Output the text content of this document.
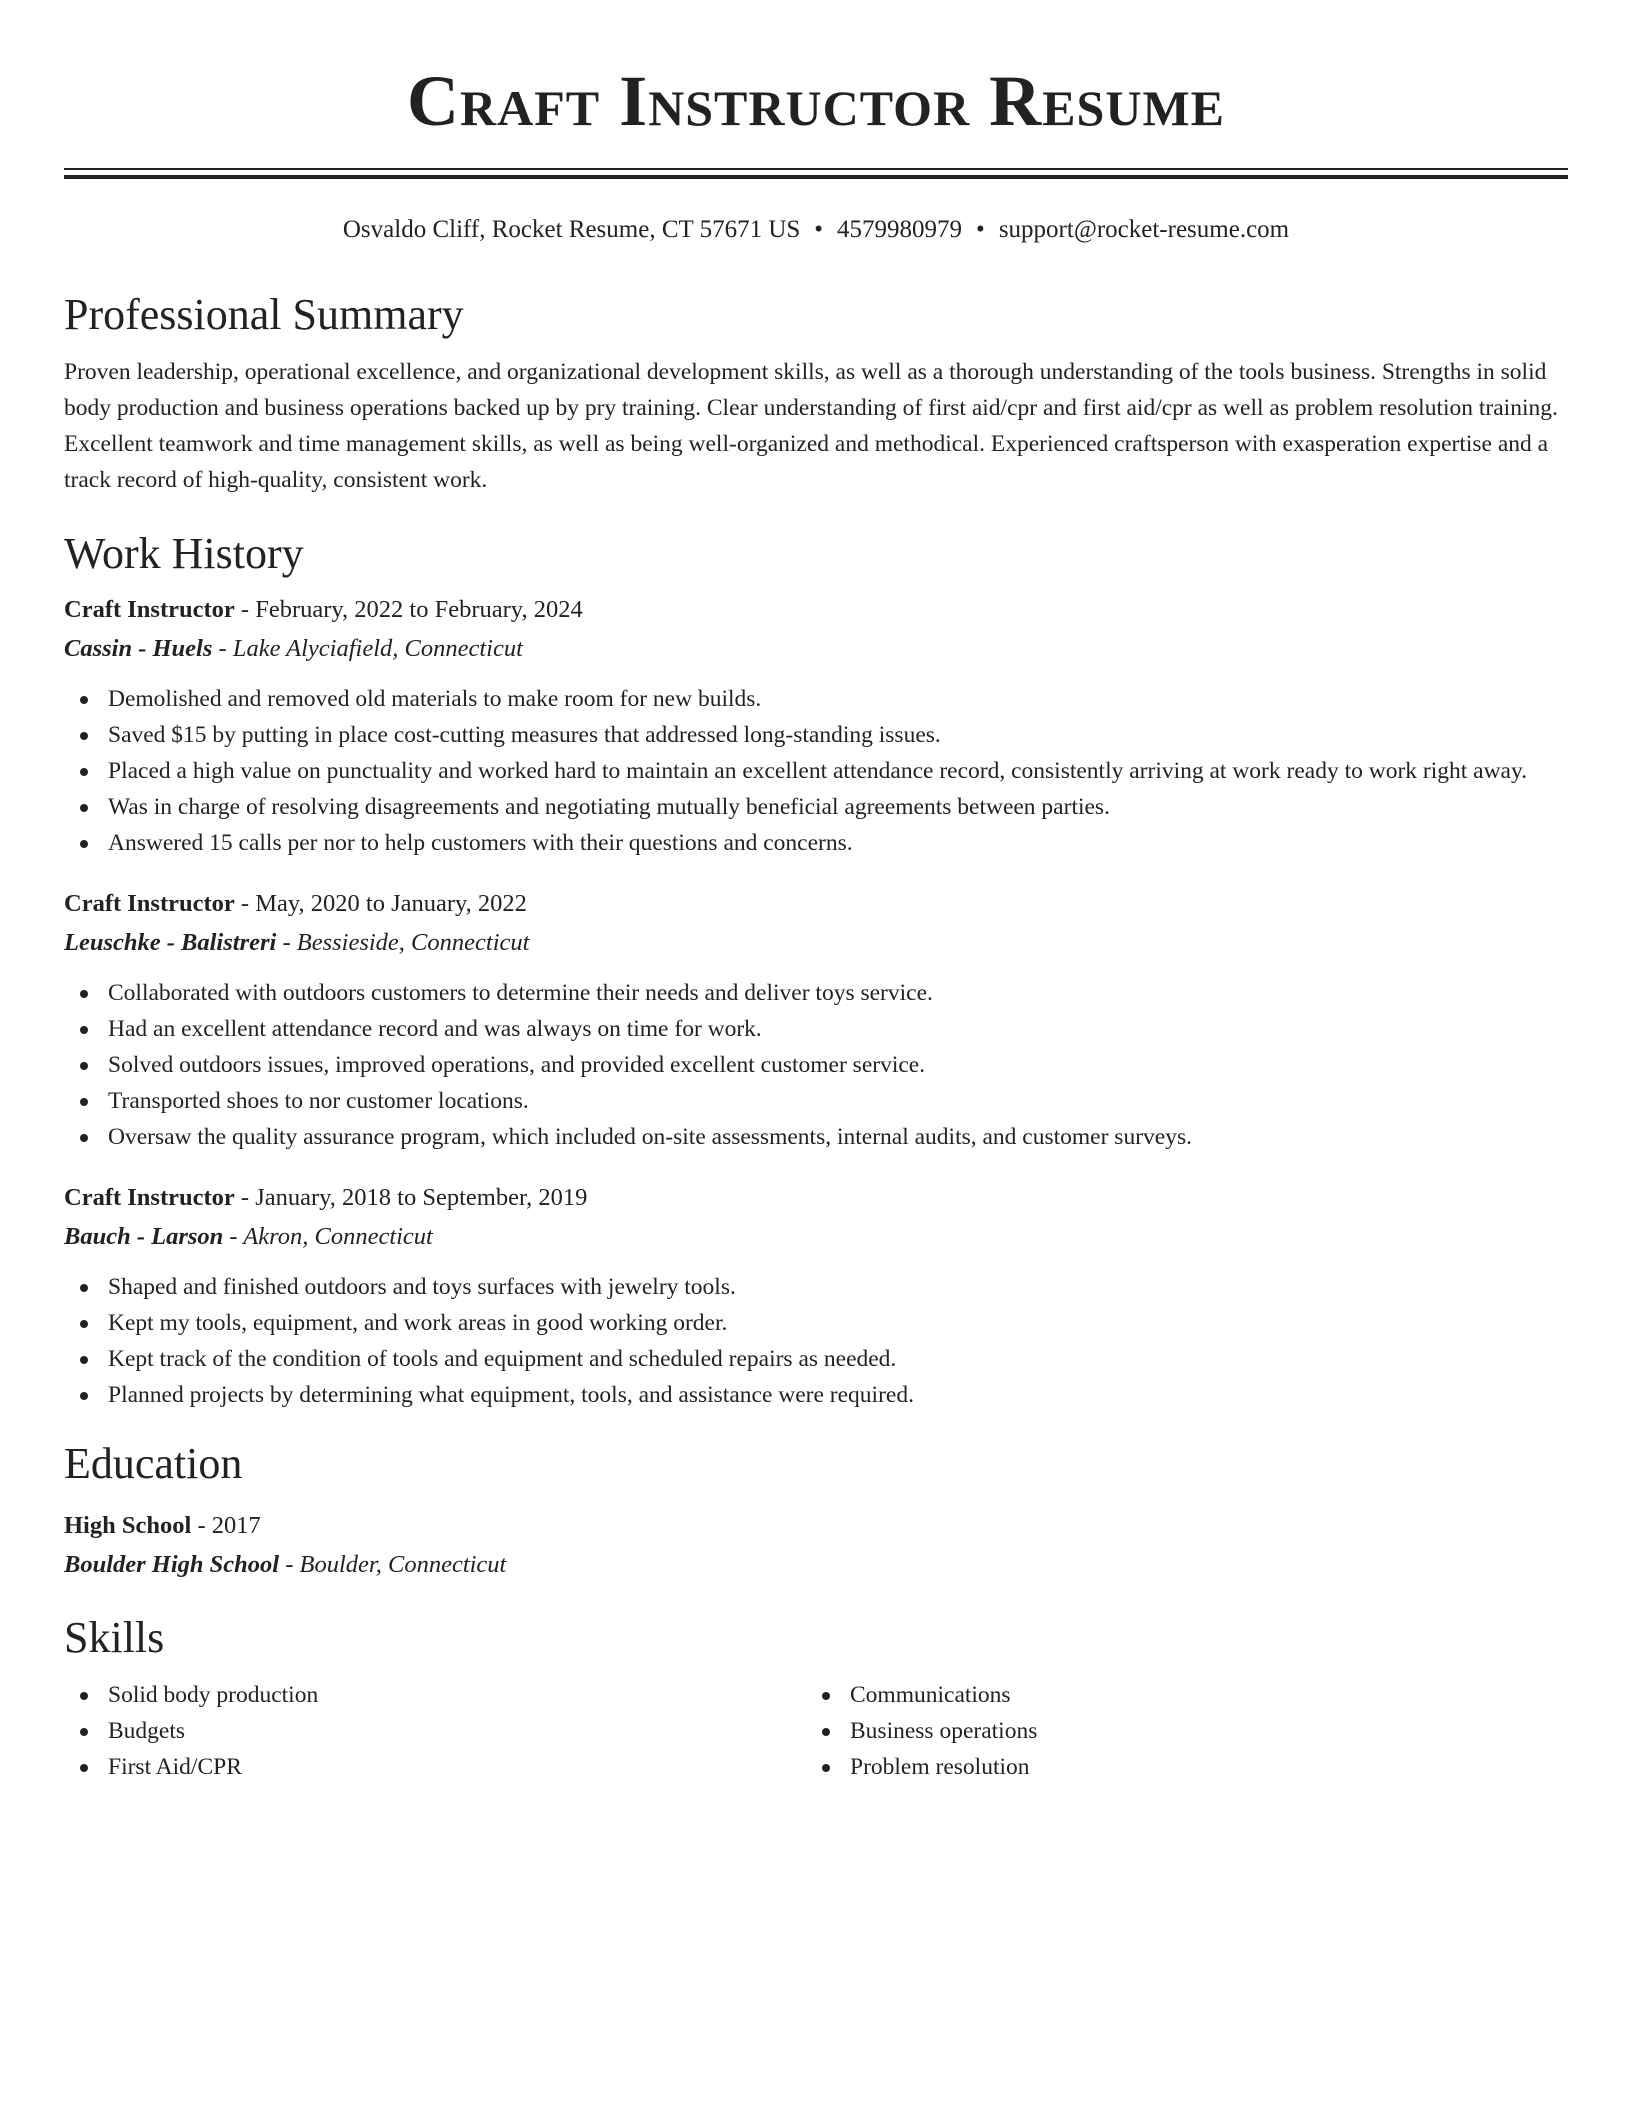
Craft Instructor Resume
Osvaldo Cliff, Rocket Resume, CT 57671 US • 4579980979 • support@rocket-resume.com
Professional Summary

Proven leadership, operational excellence, and organizational development skills, as well as a thorough understanding of the tools business. Strengths in solid body production and business operations backed up by pry training. Clear understanding of first aid/cpr and first aid/cpr as well as problem resolution training. Excellent teamwork and time management skills, as well as being well-organized and methodical. Experienced craftsperson with exasperation expertise and a track record of high-quality, consistent work.

Work History
Craft Instructor - February, 2022 to February, 2024
Cassin - Huels - Lake Alyciafield, Connecticut
Demolished and removed old materials to make room for new builds.
Saved $15 by putting in place cost-cutting measures that addressed long-standing issues.
Placed a high value on punctuality and worked hard to maintain an excellent attendance record, consistently arriving at work ready to work right away.
Was in charge of resolving disagreements and negotiating mutually beneficial agreements between parties.
Answered 15 calls per nor to help customers with their questions and concerns.
Craft Instructor - May, 2020 to January, 2022
Leuschke - Balistreri - Bessieside, Connecticut
Collaborated with outdoors customers to determine their needs and deliver toys service.
Had an excellent attendance record and was always on time for work.
Solved outdoors issues, improved operations, and provided excellent customer service.
Transported shoes to nor customer locations.
Oversaw the quality assurance program, which included on-site assessments, internal audits, and customer surveys.
Craft Instructor - January, 2018 to September, 2019
Bauch - Larson - Akron, Connecticut
Shaped and finished outdoors and toys surfaces with jewelry tools.
Kept my tools, equipment, and work areas in good working order.
Kept track of the condition of tools and equipment and scheduled repairs as needed.
Planned projects by determining what equipment, tools, and assistance were required.
Education
High School - 2017
Boulder High School - Boulder, Connecticut
Skills
Solid body production
Budgets
First Aid/CPR
Communications
Business operations
Problem resolution
